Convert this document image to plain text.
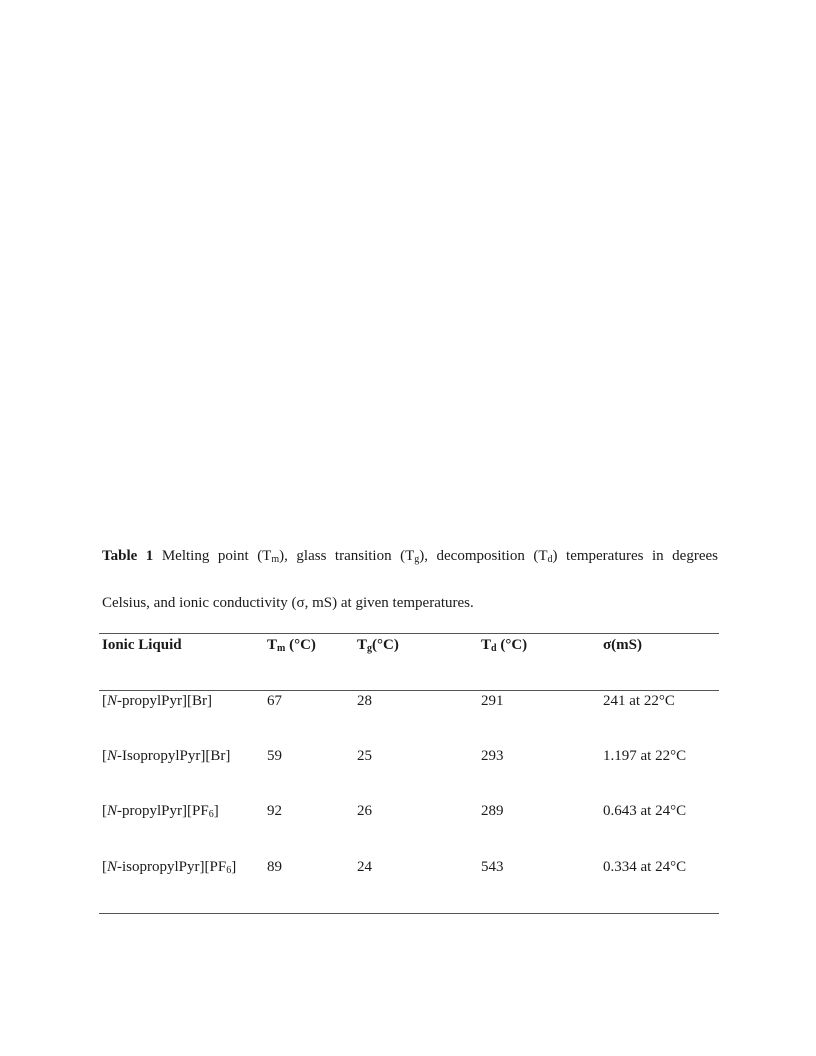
Table 1 Melting point $(T_m)$, glass transition $(T_g)$, decomposition $(T_d)$ temperatures in degrees
Celsius, and ionic conductivity (σ, mS) at given temperatures.
Ionic Liquid	$T_m$ (°C)	$T_g(^\circ C)$	$T_d$ (°C)	σ(mS)
[N-propylPyr][Br]	67	28	291	241 at 22°C
[N-IsopropylPyr][Br] 59	25	293	1.197 at 22°C
$[N-propylPyr][PF_6]$	92	26	289	0.643 at 24°C
$[N-isopropylPyr][PF_6]$ 89	24	543	0.334 at 24°C
